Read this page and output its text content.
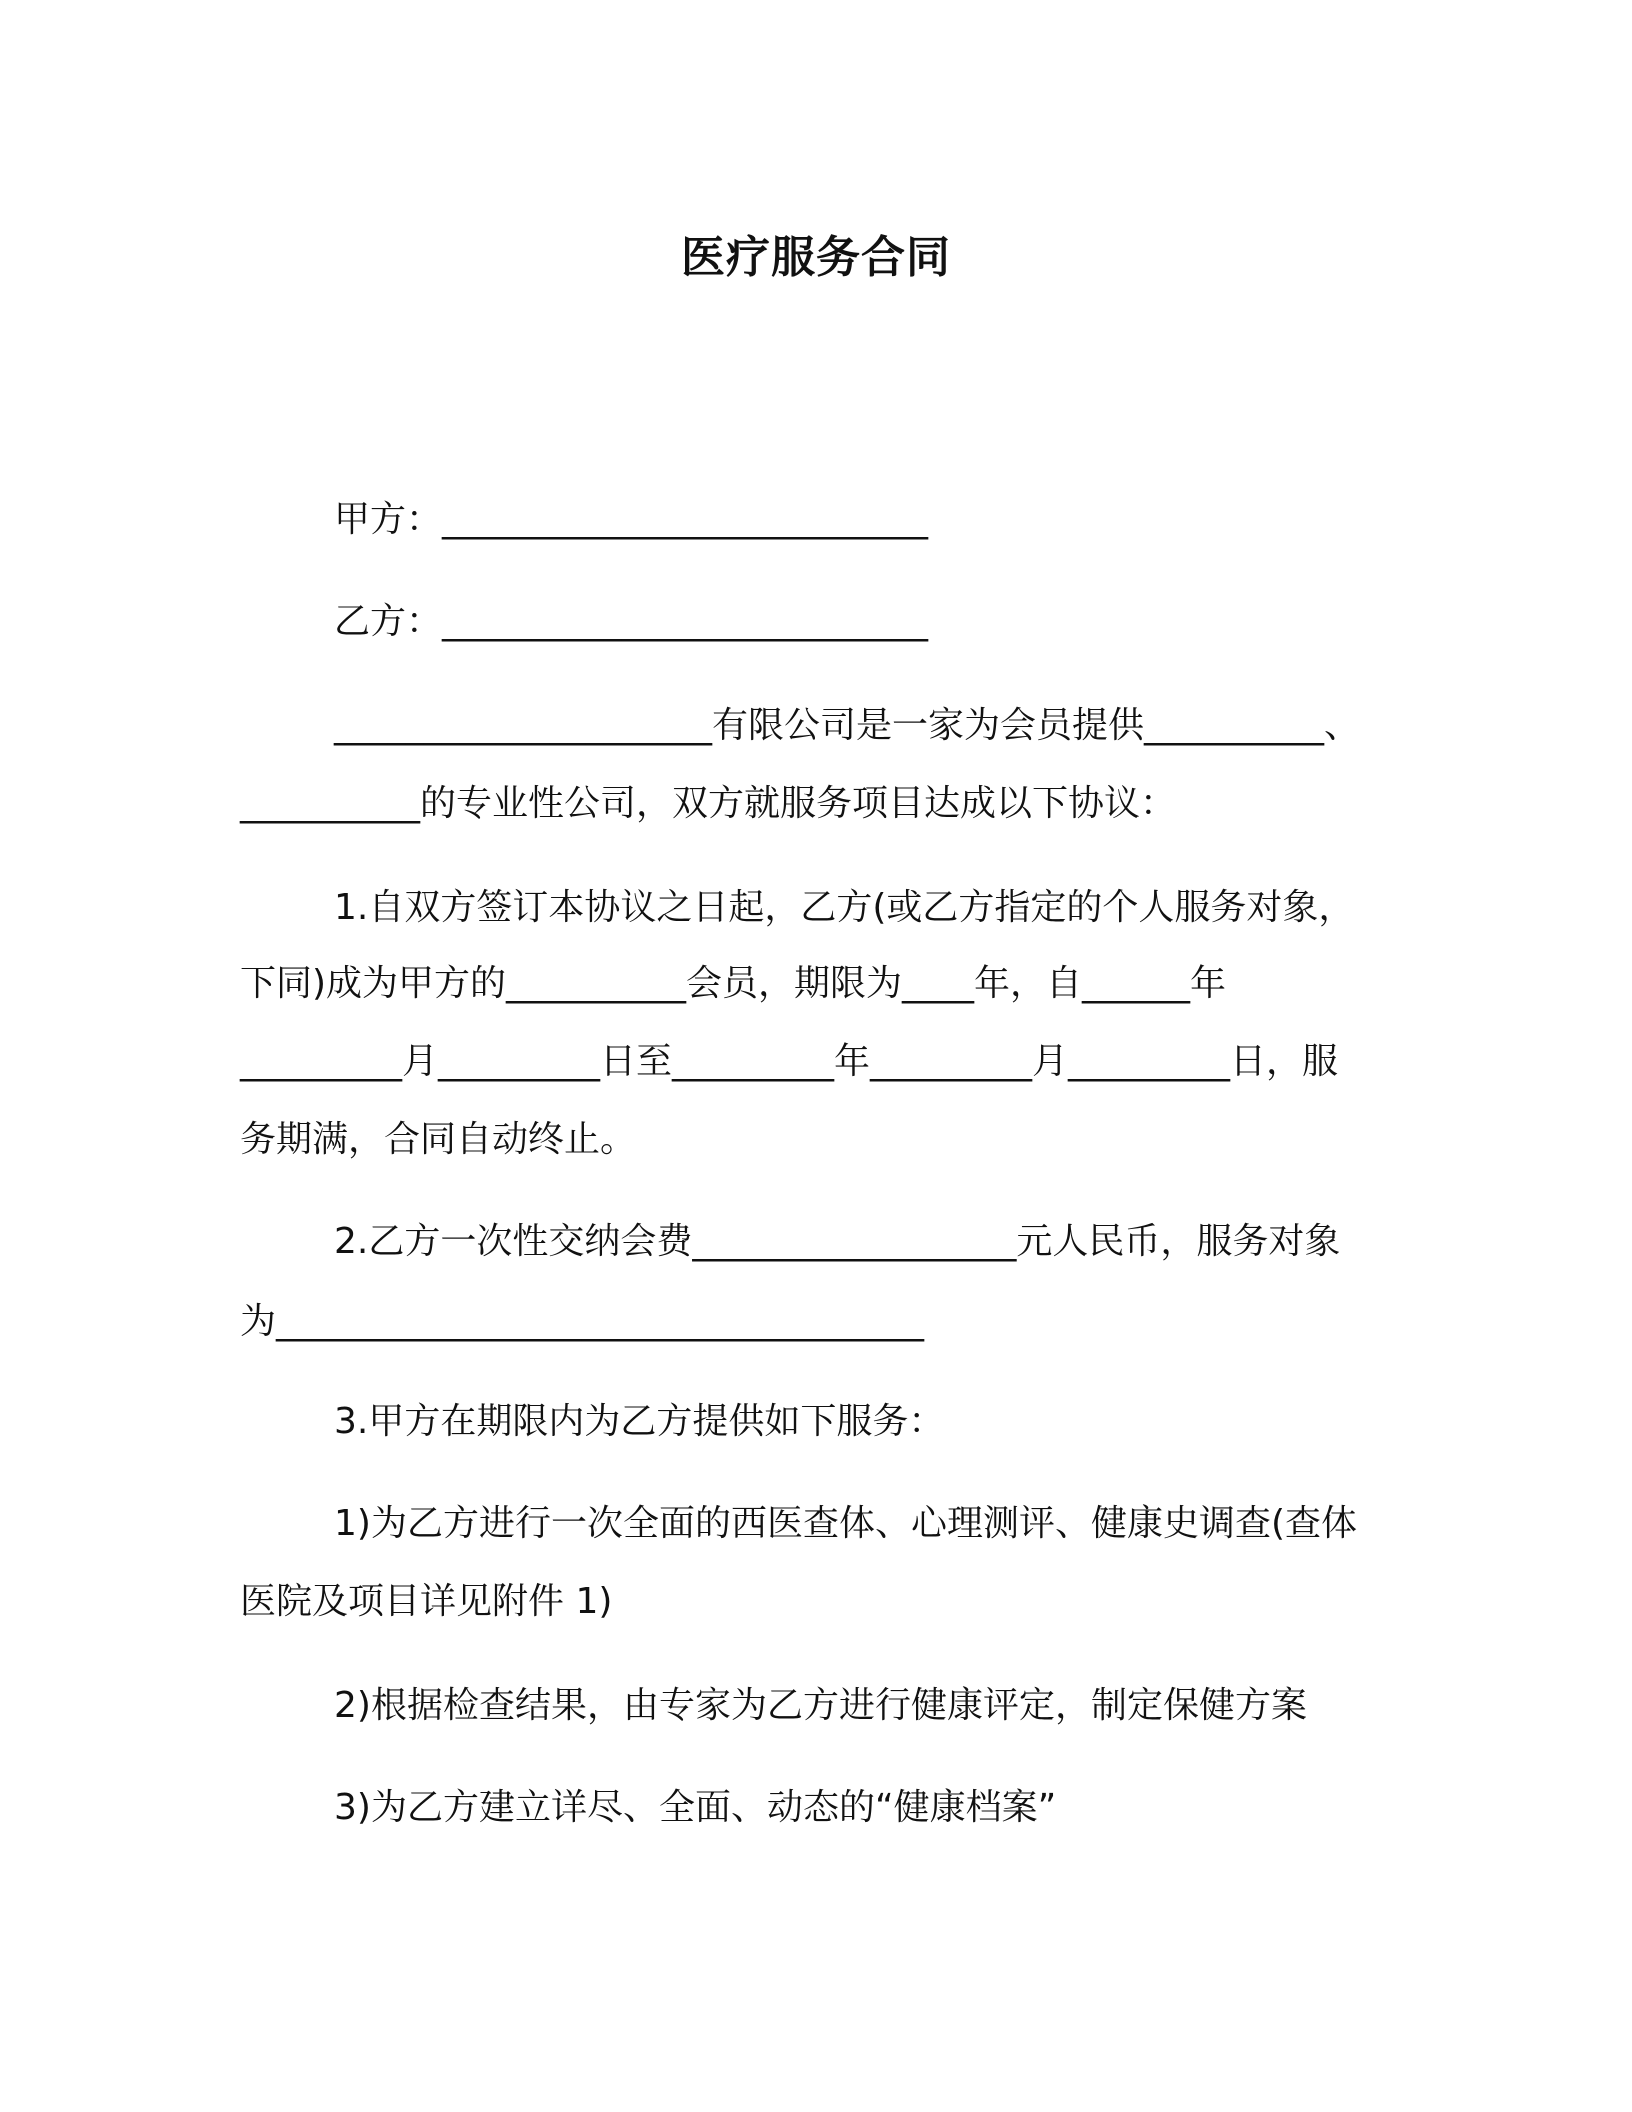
医疗服务合同

甲方：___________________________

乙方：___________________________

_____________________有限公司是一家为会员提供__________、

__________的专业性公司，双方就服务项目达成以下协议：

1.自双方签订本协议之日起，乙方(或乙方指定的个人服务对象，

下同)成为甲方的__________会员，期限为____年，自______年

_________月_________日至_________年_________月_________日，服

务期满，合同自动终止。

2.乙方一次性交纳会费__________________元人民币，服务对象

为____________________________________

3.甲方在期限内为乙方提供如下服务：

1)为乙方进行一次全面的西医查体、心理测评、健康史调查(查体

医院及项目详见附件 1)

2)根据检查结果，由专家为乙方进行健康评定，制定保健方案

3)为乙方建立详尽、全面、动态的“健康档案”
